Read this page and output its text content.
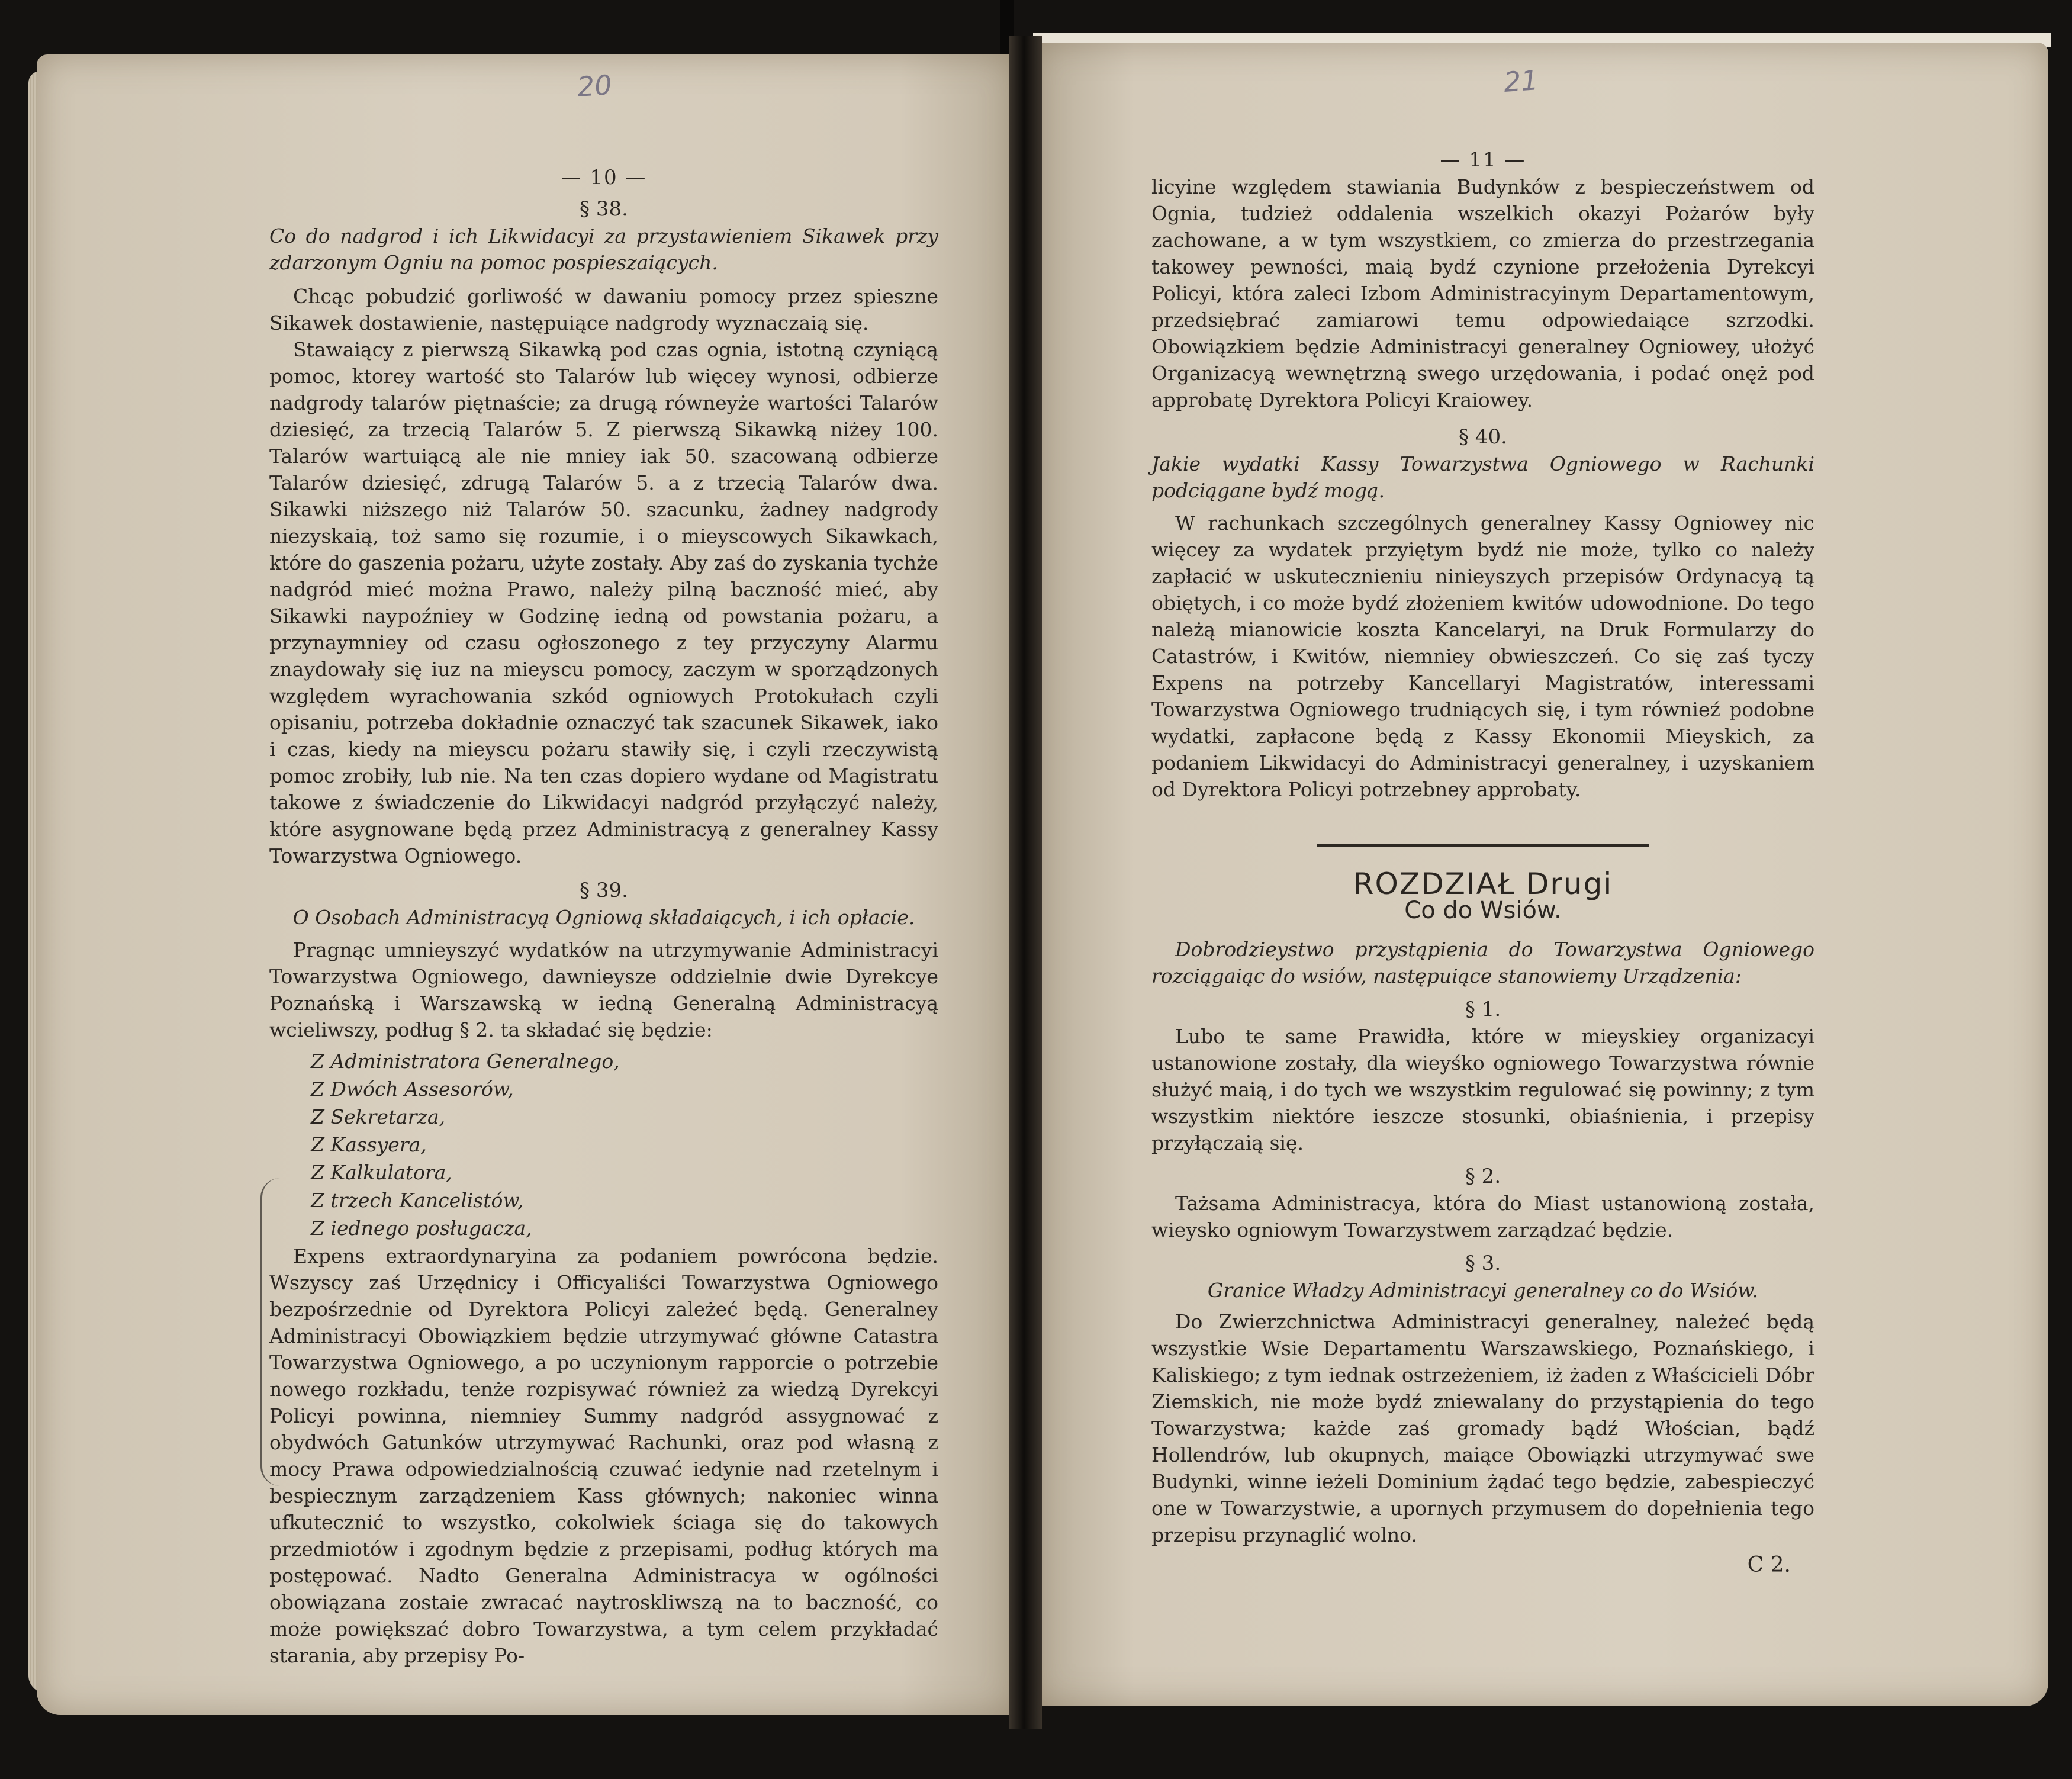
20	21
— 10 —
§ 38.

Co do nadgrod i ich Likwidacyi za przystawieniem Sikawek przy zdarzonym Ogniu na pomoc pospieszaiących.

Chcąc pobudzić gorliwość w dawaniu pomocy przez spieszne Sikawek dostawienie, następuiące nadgrody wyznaczaią się.

Stawaiący z pierwszą Sikawką pod czas ognia, istotną czyniącą pomoc, ktorey wartość sto Talarów lub więcey wynosi, odbierze nadgrody talarów piętnaście; za drugą równeyże wartości Talarów dziesięć, za trzecią Talarów 5. Z pierwszą Sikawką niżey 100. Talarów wartuiącą ale nie mniey iak 50. szacowaną odbierze Talarów dziesięć, zdrugą Talarów 5. a z trzecią Talarów dwa. Sikawki niższego niż Talarów 50. szacunku, żadney nadgrody niezyskaią, toż samo się rozumie, i o mieyscowych Sikawkach, które do gaszenia pożaru, użyte zostały. Aby zaś do zyskania tychże nadgród mieć można Prawo, należy pilną baczność mieć, aby Sikawki naypoźniey w Godzinę iedną od powstania pożaru, a przynaymniey od czasu ogłoszonego z tey przyczyny Alarmu znaydowały się iuz na mieyscu pomocy, zaczym w sporządzonych względem wyrachowania szkód ogniowych Protokułach czyli opisaniu, potrzeba dokładnie oznaczyć tak szacunek Sikawek, iako i czas, kiedy na mieyscu pożaru stawiły się, i czyli rzeczywistą pomoc zrobiły, lub nie. Na ten czas dopiero wydane od Magistratu takowe z świadczenie do Likwidacyi nadgród przyłączyć należy, które asygnowane będą przez Administracyą z generalney Kassy Towarzystwa Ogniowego.

§ 39.

O Osobach Administracyą Ogniową składaiących, i ich opłacie.

Pragnąc umnieyszyć wydatków na utrzymywanie Administracyi Towarzystwa Ogniowego, dawnieysze oddzielnie dwie Dyrekcye Poznańską i Warszawską w iedną Generalną Administracyą wcieliwszy, podług § 2. ta składać się będzie:

Z Administratora Generalnego,
Z Dwóch Assesorów,
Z Sekretarza,
Z Kassyera,
Z Kalkulatora,
Z trzech Kancelistów,
Z iednego posługacza,

Expens extraordynaryina za podaniem powrócona będzie. Wszyscy zaś Urzędnicy i Officyaliści Towarzystwa Ogniowego bezpośrzednie od Dyrektora Policyi zależeć będą. Generalney Administracyi Obowiązkiem będzie utrzymywać główne Catastra Towarzystwa Ogniowego, a po uczynionym rapporcie o potrzebie nowego rozkładu, tenże rozpisywać również za wiedzą Dyrekcyi Policyi powinna, niemniey Summy nadgród assygnować z obydwóch Gatunków utrzymywać Rachunki, oraz pod własną z mocy Prawa odpowiedzialnością czuwać iedynie nad rzetelnym i bespiecznym zarządzeniem Kass głównych; nakoniec winna ufkutecznić to wszystko, cokolwiek ściaga się do takowych przedmiotów i zgodnym będzie z przepisami, podług których ma postępować. Nadto Generalna Administracya w ogólności obowiązana zostaie zwracać naytroskliwszą na to baczność, co może powiększać dobro Towarzystwa, a tym celem przykładać starania, aby przepisy Po-

— 11 —

licyine względem stawiania Budynków z bespieczeństwem od Ognia, tudzież oddalenia wszelkich okazyi Pożarów były zachowane, a w tym wszystkiem, co zmierza do przestrzegania takowey pewności, maią bydź czynione przełożenia Dyrekcyi Policyi, która zaleci Izbom Administracyinym Departamentowym, przedsiębrać zamiarowi temu odpowiedaiące szrzodki. Obowiązkiem będzie Administracyi generalney Ogniowey, ułożyć Organizacyą wewnętrzną swego urzędowania, i podać onęż pod approbatę Dyrektora Policyi Kraiowey.

§ 40.

Jakie wydatki Kassy Towarzystwa Ogniowego w Rachunki podciągane bydź mogą.

W rachunkach szczególnych generalney Kassy Ogniowey nic więcey za wydatek przyiętym bydź nie może, tylko co należy zapłacić w uskutecznieniu ninieyszych przepisów Ordynacyą tą obiętych, i co może bydź złożeniem kwitów udowodnione. Do tego należą mianowicie koszta Kancelaryi, na Druk Formularzy do Catastrów, i Kwitów, niemniey obwieszczeń. Co się zaś tyczy Expens na potrzeby Kancellaryi Magistratów, interessami Towarzystwa Ogniowego trudniących się, i tym równieź podobne wydatki, zapłacone będą z Kassy Ekonomii Mieyskich, za podaniem Likwidacyi do Administracyi generalney, i uzyskaniem od Dyrektora Policyi potrzebney approbaty.

ROZDZIAŁ Drugi
Co do Wsiów.

Dobrodzieystwo przystąpienia do Towarzystwa Ogniowego rozciągaiąc do wsiów, następuiące stanowiemy Urządzenia:

§ 1.

Lubo te same Prawidła, które w mieyskiey organizacyi ustanowione zostały, dla wieyśko ogniowego Towarzystwa równie służyć maią, i do tych we wszystkim regulować się powinny; z tym wszystkim niektóre ieszcze stosunki, obiaśnienia, i przepisy przyłączaią się.

§ 2.

Tażsama Administracya, która do Miast ustanowioną została, wieysko ogniowym Towarzystwem zarządzać będzie.

§ 3.

Granice Władzy Administracyi generalney co do Wsiów.

Do Zwierzchnictwa Administracyi generalney, należeć będą wszystkie Wsie Departamentu Warszawskiego, Poznańskiego, i Kaliskiego; z tym iednak ostrzeżeniem, iż żaden z Właścicieli Dóbr Ziemskich, nie może bydź zniewalany do przystąpienia do tego Towarzystwa; każde zaś gromady bądź Włościan, bądź Hollendrów, lub okupnych, maiące Obowiązki utrzymywać swe Budynki, winne ieżeli Dominium żądać tego będzie, zabespieczyć one w Towarzystwie, a upornych przymusem do dopełnienia tego przepisu przynaglić wolno.

C 2.
